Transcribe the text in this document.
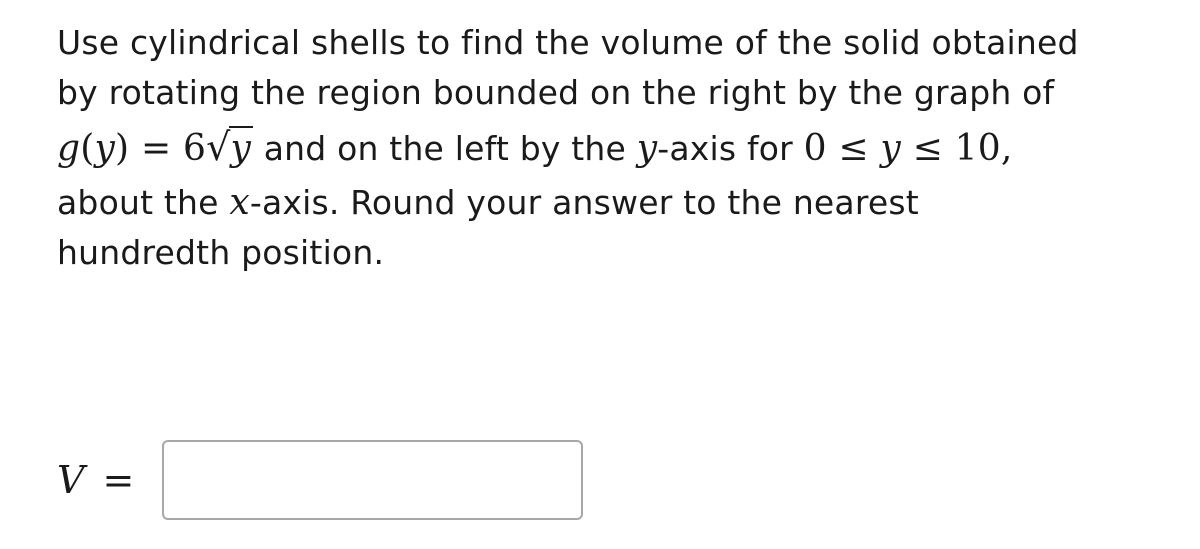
Use cylindrical shells to find the volume of the solid obtained
by rotating the region bounded on the right by the graph of
g(y) = 6√y and on the left by the y-axis for 0 ≤ y ≤ 10,
about the x-axis. Round your answer to the nearest
hundredth position.
V =
